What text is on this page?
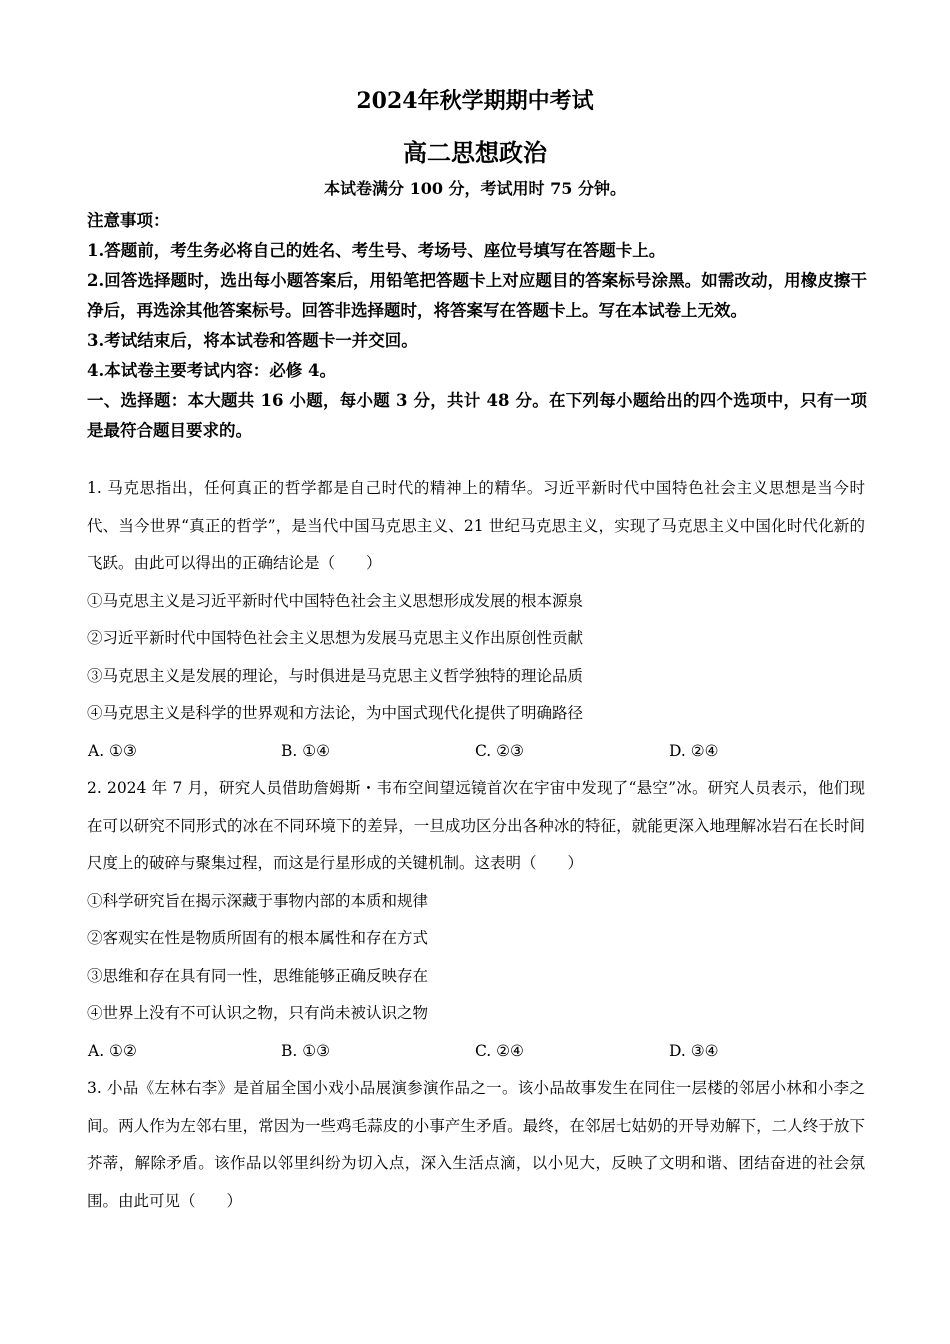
2024年秋学期期中考试
高二思想政治
本试卷满分 100 分，考试用时 75 分钟。

注意事项：

1.答题前，考生务必将自己的姓名、考生号、考场号、座位号填写在答题卡上。

2.回答选择题时，选出每小题答案后，用铅笔把答题卡上对应题目的答案标号涂黑。如需改动，用橡皮擦干净后，再选涂其他答案标号。回答非选择题时，将答案写在答题卡上。写在本试卷上无效。

3.考试结束后，将本试卷和答题卡一并交回。

4.本试卷主要考试内容：必修 4。

一、选择题：本大题共 16 小题，每小题 3 分，共计 48 分。在下列每小题给出的四个选项中，只有一项是最符合题目要求的。

1. 马克思指出，任何真正的哲学都是自己时代的精神上的精华。习近平新时代中国特色社会主义思想是当今时代、当今世界“真正的哲学”，是当代中国马克思主义、21 世纪马克思主义，实现了马克思主义中国化时代化新的飞跃。由此可以得出的正确结论是（　　）

①马克思主义是习近平新时代中国特色社会主义思想形成发展的根本源泉

②习近平新时代中国特色社会主义思想为发展马克思主义作出原创性贡献

③马克思主义是发展的理论，与时俱进是马克思主义哲学独特的理论品质

④马克思主义是科学的世界观和方法论，为中国式现代化提供了明确路径

A. ①③	B. ①④	C. ②③	D. ②④

2. 2024 年 7 月，研究人员借助詹姆斯・韦布空间望远镜首次在宇宙中发现了“悬空”冰。研究人员表示，他们现在可以研究不同形式的冰在不同环境下的差异，一旦成功区分出各种冰的特征，就能更深入地理解冰岩石在长时间尺度上的破碎与聚集过程，而这是行星形成的关键机制。这表明（　　）

①科学研究旨在揭示深藏于事物内部的本质和规律

②客观实在性是物质所固有的根本属性和存在方式

③思维和存在具有同一性，思维能够正确反映存在

④世界上没有不可认识之物，只有尚未被认识之物

A. ①②	B. ①③	C. ②④	D. ③④

3. 小品《左林右李》是首届全国小戏小品展演参演作品之一。该小品故事发生在同住一层楼的邻居小林和小李之间。两人作为左邻右里，常因为一些鸡毛蒜皮的小事产生矛盾。最终，在邻居七姑奶的开导劝解下，二人终于放下芥蒂，解除矛盾。该作品以邻里纠纷为切入点，深入生活点滴，以小见大，反映了文明和谐、团结奋进的社会氛围。由此可见（　　）
